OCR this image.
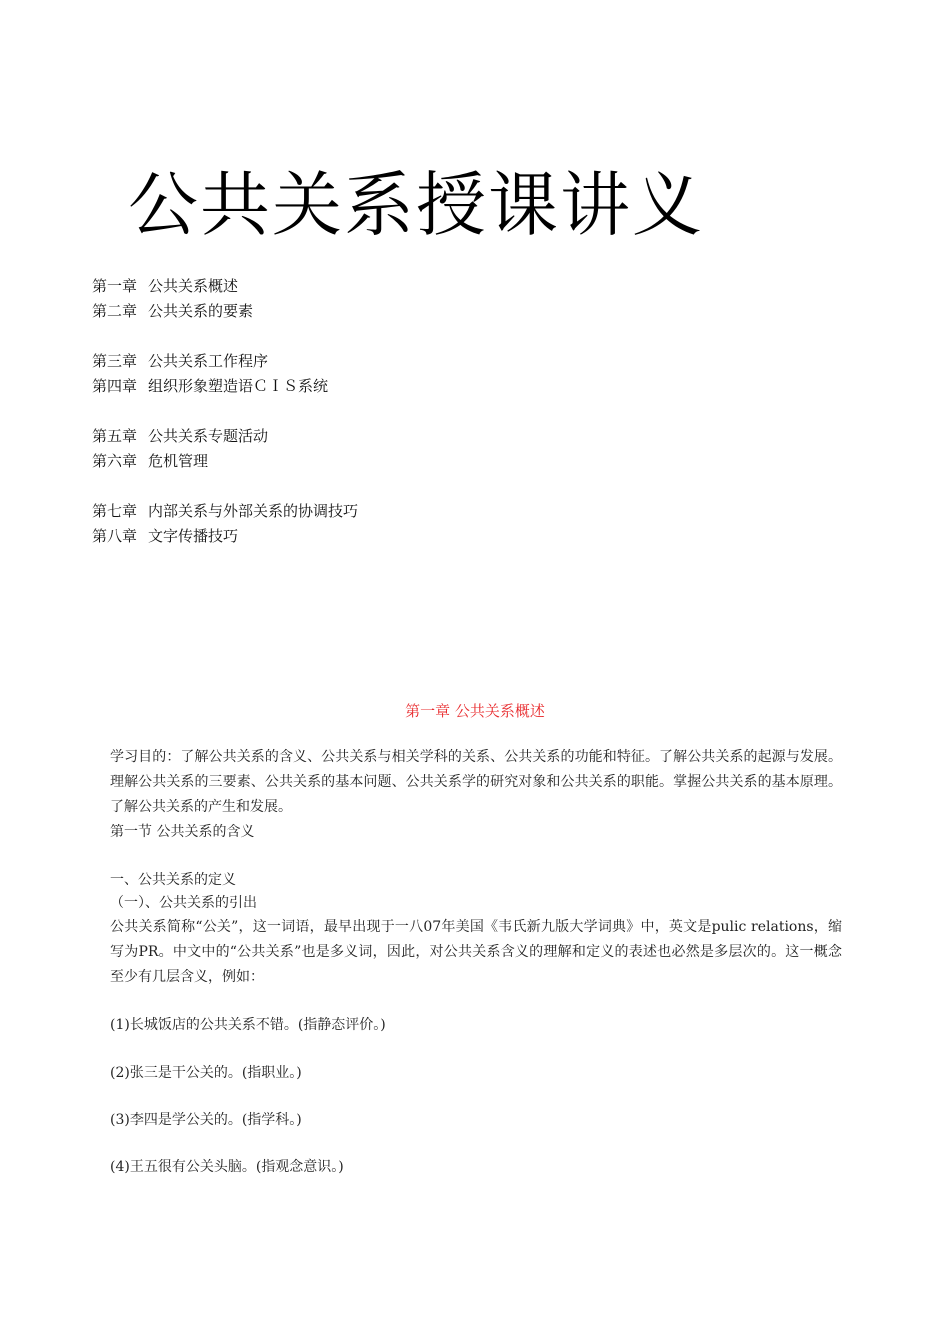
公共关系授课讲义
第一章 公共关系概述
第二章 公共关系的要素
第三章 公共关系工作程序
第四章 组织形象塑造语ＣＩＳ系统
第五章 公共关系专题活动
第六章 危机管理
第七章 内部关系与外部关系的协调技巧
第八章 文字传播技巧
第一章 公共关系概述
学习目的：了解公共关系的含义、公共关系与相关学科的关系、公共关系的功能和特征。了解公共关系的起源与发展。理解公共关系的三要素、公共关系的基本问题、公共关系学的研究对象和公共关系的职能。掌握公共关系的基本原理。了解公共关系的产生和发展。
第一节 公共关系的含义
一、公共关系的定义
（一）、公共关系的引出
公共关系简称“公关”，这一词语，最早出现于一八07年美国《韦氏新九版大学词典》中，英文是pulic relations，缩写为PR。中文中的“公共关系”也是多义词，因此，对公共关系含义的理解和定义的表述也必然是多层次的。这一概念至少有几层含义，例如：
(1)长城饭店的公共关系不错。(指静态评价。)
(2)张三是干公关的。(指职业。)
(3)李四是学公关的。(指学科。)
(4)王五很有公关头脑。(指观念意识。)
